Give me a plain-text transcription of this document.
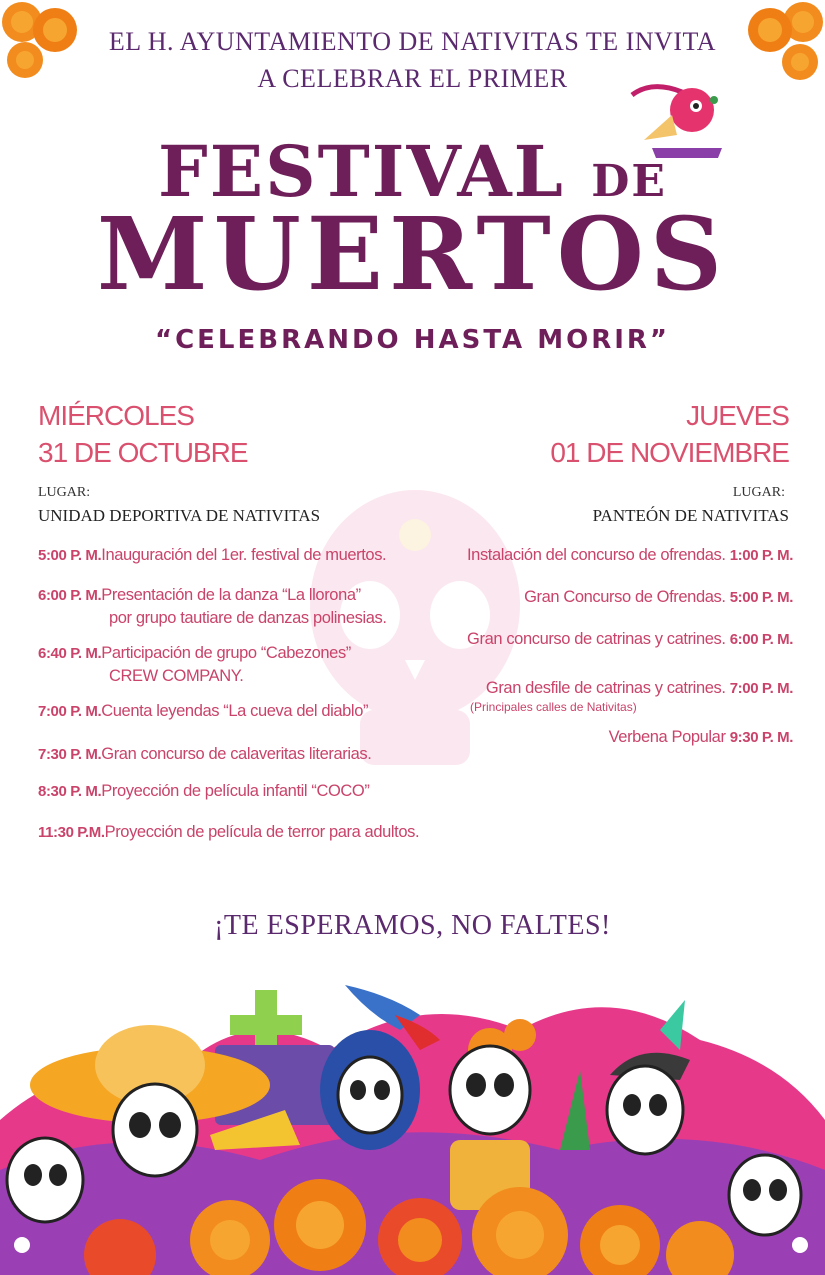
EL H. AYUNTAMIENTO DE NATIVITAS TE INVITA
A CELEBRAR EL PRIMER
FESTIVAL DE
MUERTOS
“CELEBRANDO HASTA MORIR”
MIÉRCOLES
31 DE OCTUBRE
LUGAR:
UNIDAD DEPORTIVA DE NATIVITAS
JUEVES
01 DE NOVIEMBRE
LUGAR:
PANTEÓN DE NATIVITAS
5:00 P. M.Inauguración del 1er. festival de muertos.
6:00 P. M.Presentación de la danza “La llorona”
por grupo tautiare de danzas polinesias.
6:40 P. M.Participación de grupo “Cabezones”
CREW COMPANY.
7:00 P. M.Cuenta leyendas “La cueva del diablo”
7:30 P. M.Gran concurso de calaveritas literarias.
8:30 P. M.Proyección de película infantil “COCO”
11:30 P.M.Proyección de película de terror para adultos.
Instalación del concurso de ofrendas. 1:00 P. M.
Gran Concurso de Ofrendas. 5:00 P. M.
Gran concurso de catrinas y catrines. 6:00 P. M.
Gran desfile de catrinas y catrines. 7:00 P. M.
(Principales calles de Nativitas)
Verbena Popular 9:30 P. M.
¡TE ESPERAMOS, NO FALTES!
